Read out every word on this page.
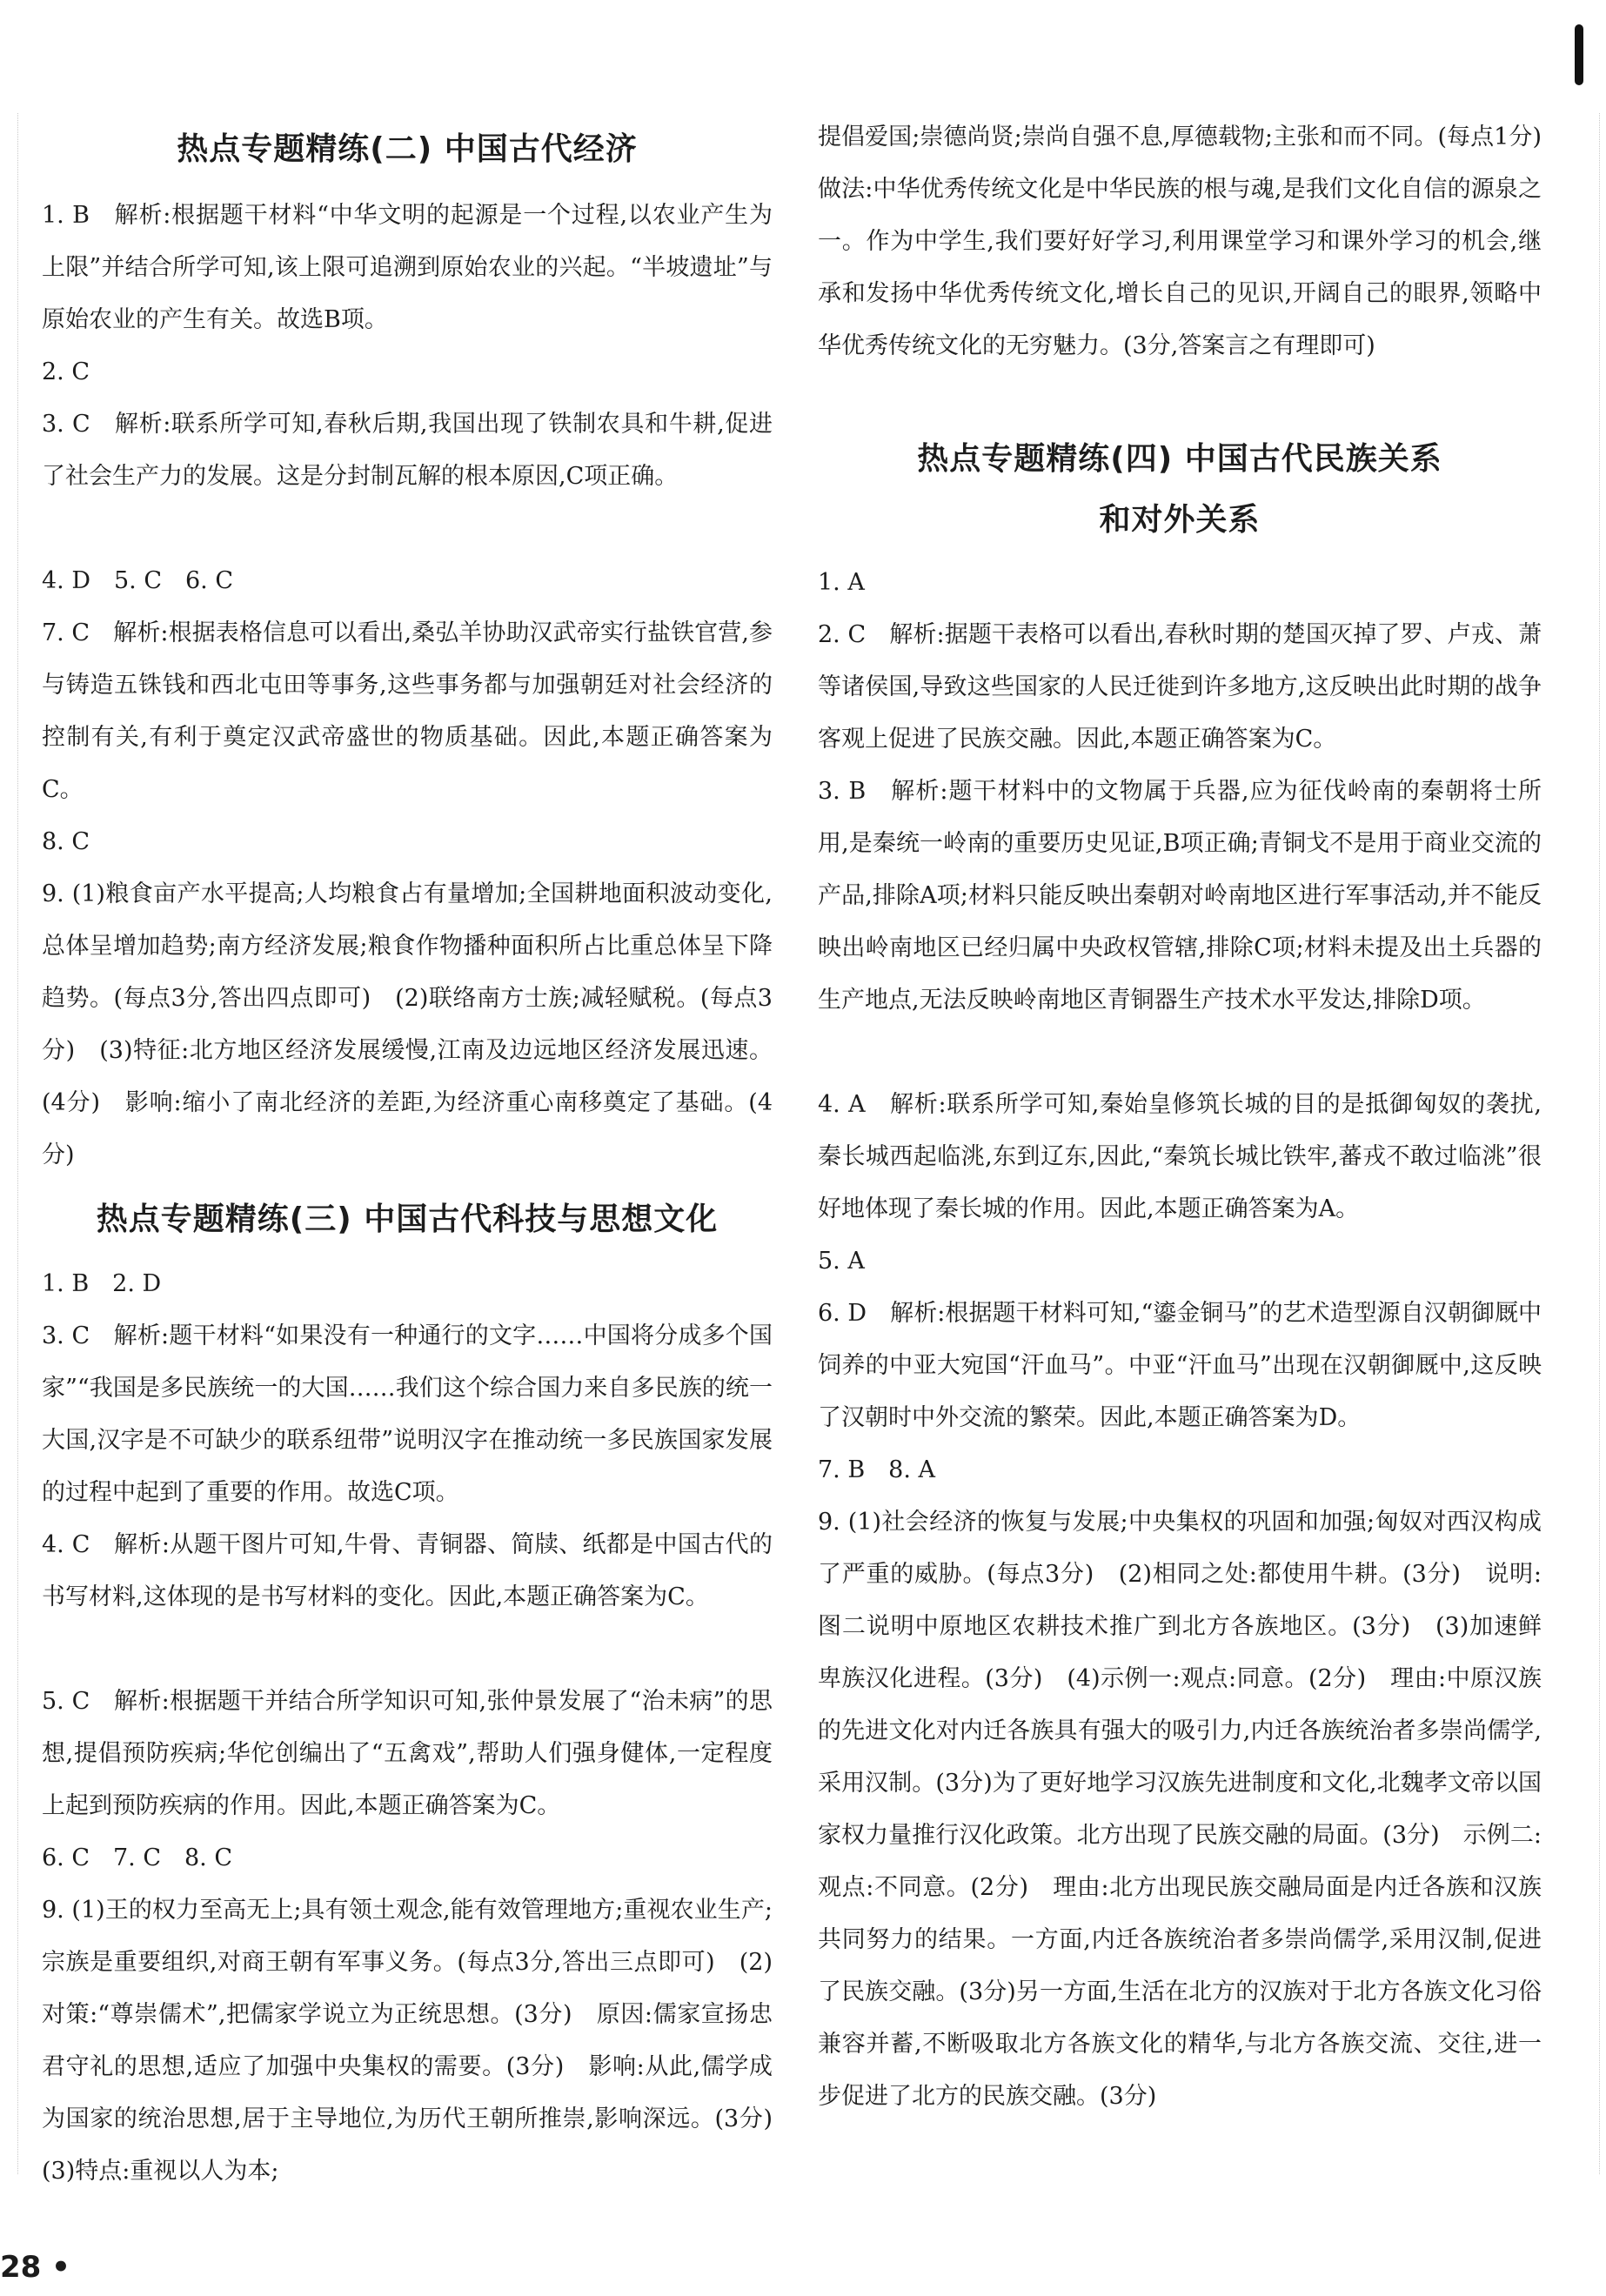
热点专题精练(二) 中国古代经济

1. B　解析:根据题干材料“中华文明的起源是一个过程,以农业产生为上限”并结合所学可知,该上限可追溯到原始农业的兴起。“半坡遗址”与原始农业的产生有关。故选B项。

2. C

3. C　解析:联系所学可知,春秋后期,我国出现了铁制农具和牛耕,促进了社会生产力的发展。这是分封制瓦解的根本原因,C项正确。

4. D　5. C　6. C

7. C　解析:根据表格信息可以看出,桑弘羊协助汉武帝实行盐铁官营,参与铸造五铢钱和西北屯田等事务,这些事务都与加强朝廷对社会经济的控制有关,有利于奠定汉武帝盛世的物质基础。因此,本题正确答案为C。

8. C

9. (1)粮食亩产水平提高;人均粮食占有量增加;全国耕地面积波动变化,总体呈增加趋势;南方经济发展;粮食作物播种面积所占比重总体呈下降趋势。(每点3分,答出四点即可)　(2)联络南方士族;减轻赋税。(每点3分)　(3)特征:北方地区经济发展缓慢,江南及边远地区经济发展迅速。(4分)　影响:缩小了南北经济的差距,为经济重心南移奠定了基础。(4分)

热点专题精练(三) 中国古代科技与思想文化

1. B　2. D

3. C　解析:题干材料“如果没有一种通行的文字……中国将分成多个国家”“我国是多民族统一的大国……我们这个综合国力来自多民族的统一大国,汉字是不可缺少的联系纽带”说明汉字在推动统一多民族国家发展的过程中起到了重要的作用。故选C项。

4. C　解析:从题干图片可知,牛骨、青铜器、简牍、纸都是中国古代的书写材料,这体现的是书写材料的变化。因此,本题正确答案为C。

5. C　解析:根据题干并结合所学知识可知,张仲景发展了“治未病”的思想,提倡预防疾病;华佗创编出了“五禽戏”,帮助人们强身健体,一定程度上起到预防疾病的作用。因此,本题正确答案为C。

6. C　7. C　8. C

9. (1)王的权力至高无上;具有领土观念,能有效管理地方;重视农业生产;宗族是重要组织,对商王朝有军事义务。(每点3分,答出三点即可)　(2)对策:“尊崇儒术”,把儒家学说立为正统思想。(3分)　原因:儒家宣扬忠君守礼的思想,适应了加强中央集权的需要。(3分)　影响:从此,儒学成为国家的统治思想,居于主导地位,为历代王朝所推崇,影响深远。(3分)　(3)特点:重视以人为本;

提倡爱国;崇德尚贤;崇尚自强不息,厚德载物;主张和而不同。(每点1分)　做法:中华优秀传统文化是中华民族的根与魂,是我们文化自信的源泉之一。作为中学生,我们要好好学习,利用课堂学习和课外学习的机会,继承和发扬中华优秀传统文化,增长自己的见识,开阔自己的眼界,领略中华优秀传统文化的无穷魅力。(3分,答案言之有理即可)

热点专题精练(四) 中国古代民族关系
和对外关系

1. A

2. C　解析:据题干表格可以看出,春秋时期的楚国灭掉了罗、卢戎、萧等诸侯国,导致这些国家的人民迁徙到许多地方,这反映出此时期的战争客观上促进了民族交融。因此,本题正确答案为C。

3. B　解析:题干材料中的文物属于兵器,应为征伐岭南的秦朝将士所用,是秦统一岭南的重要历史见证,B项正确;青铜戈不是用于商业交流的产品,排除A项;材料只能反映出秦朝对岭南地区进行军事活动,并不能反映出岭南地区已经归属中央政权管辖,排除C项;材料未提及出土兵器的生产地点,无法反映岭南地区青铜器生产技术水平发达,排除D项。

4. A　解析:联系所学可知,秦始皇修筑长城的目的是抵御匈奴的袭扰,秦长城西起临洮,东到辽东,因此,“秦筑长城比铁牢,蕃戎不敢过临洮”很好地体现了秦长城的作用。因此,本题正确答案为A。

5. A

6. D　解析:根据题干材料可知,“鎏金铜马”的艺术造型源自汉朝御厩中饲养的中亚大宛国“汗血马”。中亚“汗血马”出现在汉朝御厩中,这反映了汉朝时中外交流的繁荣。因此,本题正确答案为D。

7. B　8. A

9. (1)社会经济的恢复与发展;中央集权的巩固和加强;匈奴对西汉构成了严重的威胁。(每点3分)　(2)相同之处:都使用牛耕。(3分)　说明:图二说明中原地区农耕技术推广到北方各族地区。(3分)　(3)加速鲜卑族汉化进程。(3分)　(4)示例一:观点:同意。(2分)　理由:中原汉族的先进文化对内迁各族具有强大的吸引力,内迁各族统治者多崇尚儒学,采用汉制。(3分)为了更好地学习汉族先进制度和文化,北魏孝文帝以国家权力量推行汉化政策。北方出现了民族交融的局面。(3分)　示例二:观点:不同意。(2分)　理由:北方出现民族交融局面是内迁各族和汉族共同努力的结果。一方面,内迁各族统治者多崇尚儒学,采用汉制,促进了民族交融。(3分)另一方面,生活在北方的汉族对于北方各族文化习俗兼容并蓄,不断吸取北方各族文化的精华,与北方各族交流、交往,进一步促进了北方的民族交融。(3分)

28 •
